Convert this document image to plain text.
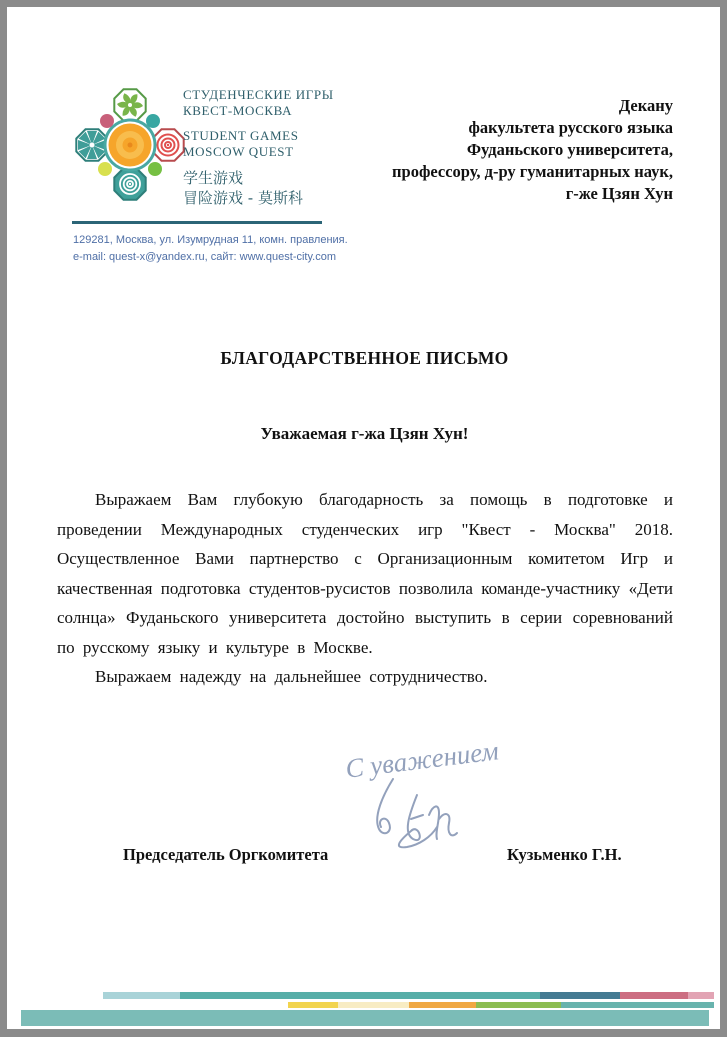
СТУДЕНЧЕСКИЕ ИГРЫ
КВЕСТ-МОСКВА
STUDENT GAMES
MOSCOW QUEST
学生游戏
冒险游戏 - 莫斯科
129281, Москва, ул. Изумрудная 11, комн. правления.
e-mail: quest-x@yandex.ru, сайт: www.quest-city.com
Декану
факультета русского языка
Фуданьского университета,
профессору, д-ру гуманитарных наук,
г-же Цзян Хун
БЛАГОДАРСТВЕННОЕ ПИСЬМО
Уважаемая г-жа Цзян Хун!

Выражаем Вам глубокую благодарность за помощь в подготовке и проведении Международных студенческих игр "Квест - Москва" 2018. Осуществленное Вами партнерство с Организационным комитетом Игр и качественная подготовка студентов-русистов позволила команде-участнику «Дети солнца» Фуданьского университета достойно выступить в серии соревнований по русскому языку и культуре в Москве.

Выражаем надежду на дальнейшее сотрудничество.

С уважением
Председатель Оргкомитета	Кузьменко Г.Н.
